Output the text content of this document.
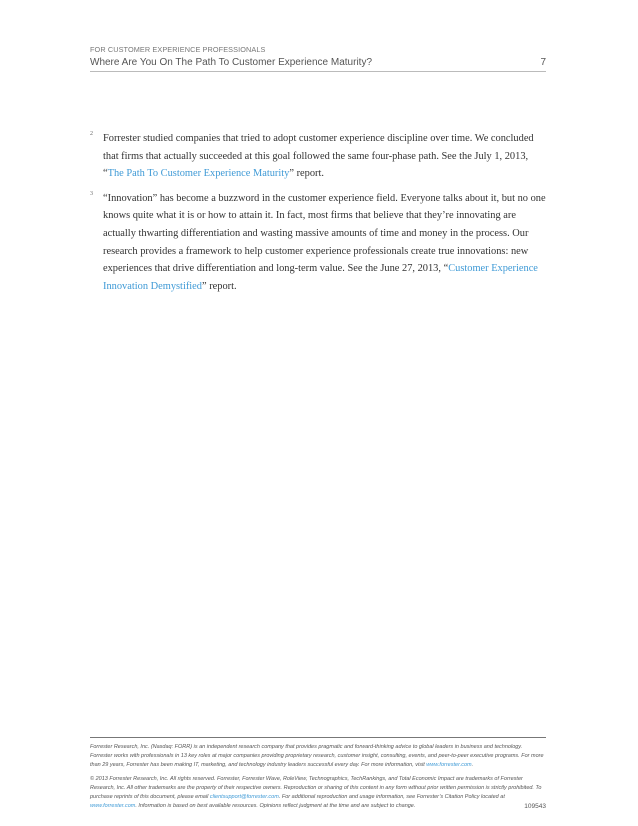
FOR CUSTOMER EXPERIENCE PROFESSIONALS
Where Are You On The Path To Customer Experience Maturity?	7
2 Forrester studied companies that tried to adopt customer experience discipline over time. We concluded that firms that actually succeeded at this goal followed the same four-phase path. See the July 1, 2013, “The Path To Customer Experience Maturity” report.
3 “Innovation” has become a buzzword in the customer experience field. Everyone talks about it, but no one knows quite what it is or how to attain it. In fact, most firms that believe that they’re innovating are actually thwarting differentiation and wasting massive amounts of time and money in the process. Our research provides a framework to help customer experience professionals create true innovations: new experiences that drive differentiation and long-term value. See the June 27, 2013, “Customer Experience Innovation Demystified” report.

Forrester Research, Inc. (Nasdaq: FORR) is an independent research company that provides pragmatic and forward-thinking advice to global leaders in business and technology. Forrester works with professionals in 13 key roles at major companies providing proprietary research, customer insight, consulting, events, and peer-to-peer executive programs. For more than 29 years, Forrester has been making IT, marketing, and technology industry leaders successful every day. For more information, visit www.forrester.com.

© 2013 Forrester Research, Inc. All rights reserved. Forrester, Forrester Wave, RoleView, Technographics, TechRankings, and Total Economic Impact are trademarks of Forrester Research, Inc. All other trademarks are the property of their respective owners. Reproduction or sharing of this content in any form without prior written permission is strictly prohibited. To purchase reprints of this document, please email clientsupport@forrester.com. For additional reproduction and usage information, see Forrester’s Citation Policy located at www.forrester.com. Information is based on best available resources. Opinions reflect judgment at the time and are subject to change.	109543
